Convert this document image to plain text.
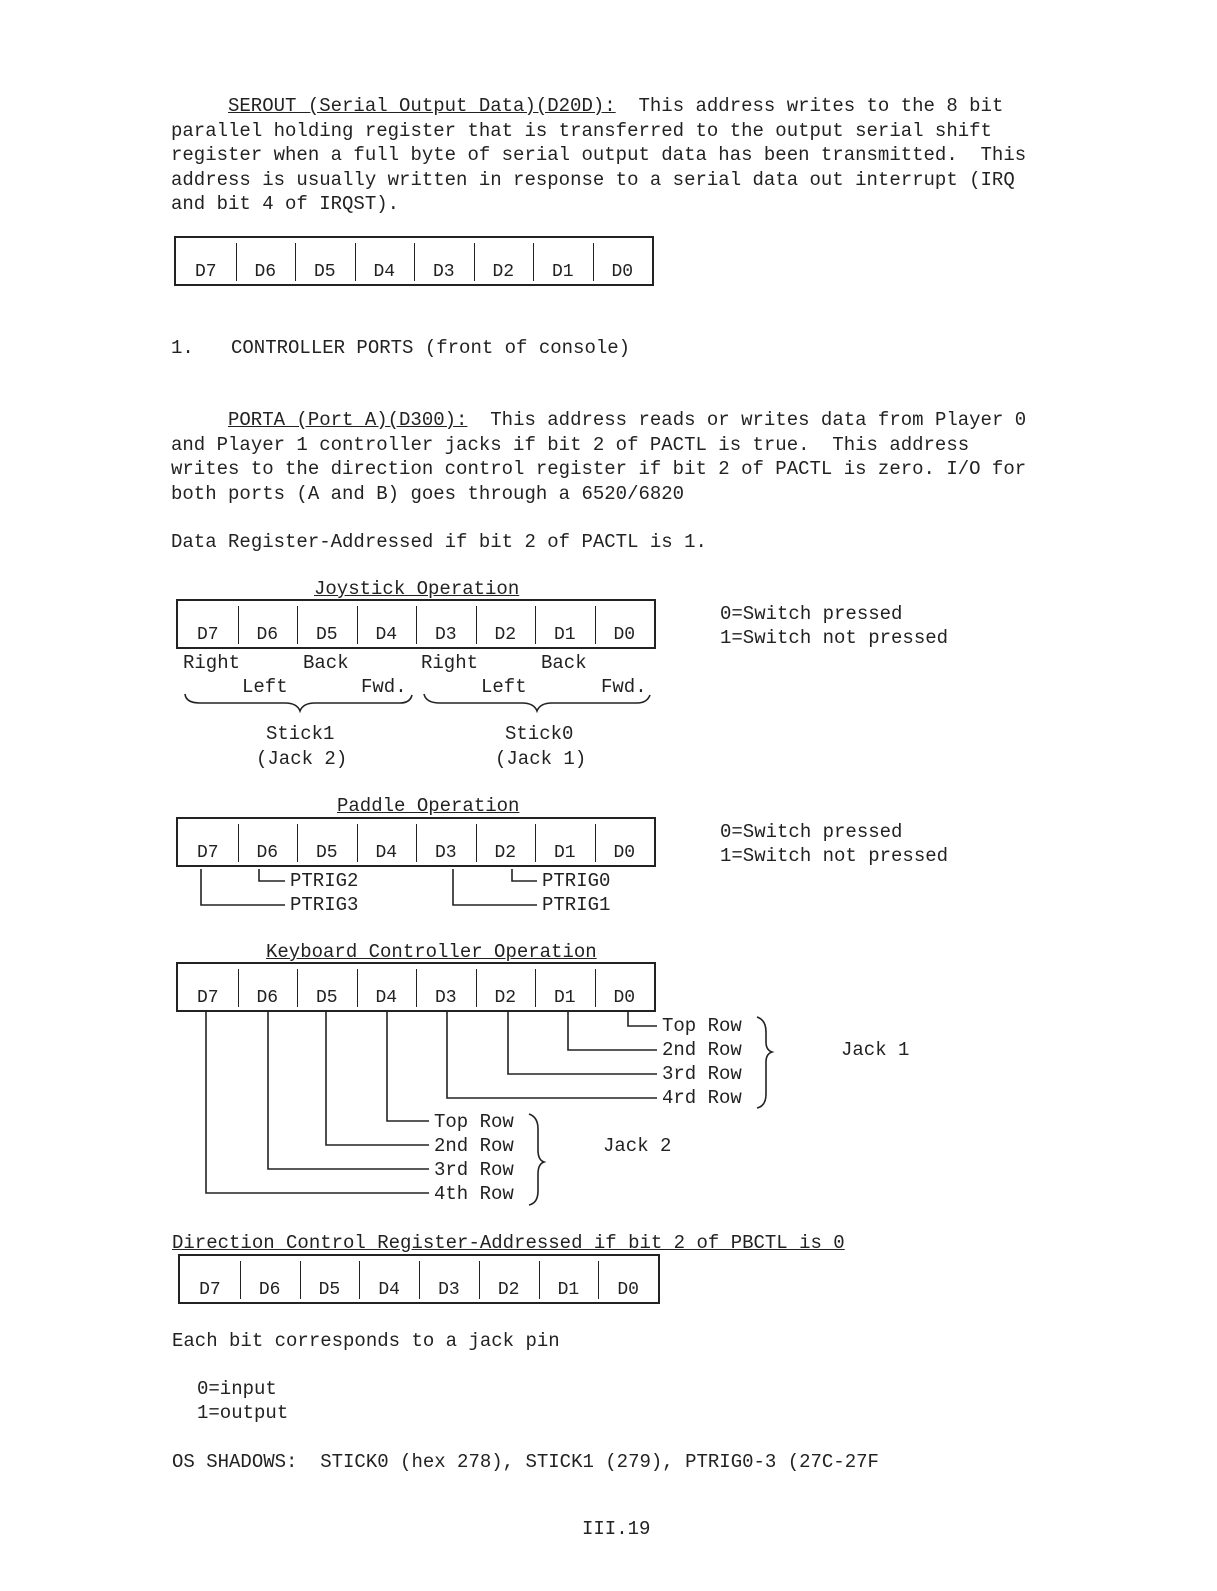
SEROUT (Serial Output Data)(D20D): This address writes to the 8 bit

parallel holding register that is transferred to the output serial shift

register when a full byte of serial output data has been transmitted.  This

address is usually written in response to a serial data out interrupt (IRQ

and bit 4 of IRQST).

D7	D6	D5	D4	D3	D2	D1	D0
1. CONTROLLER PORTS (front of console)

PORTA (Port A)(D300): This address reads or writes data from Player 0

and Player 1 controller jacks if bit 2 of PACTL is true.  This address

writes to the direction control register if bit 2 of PACTL is zero. I/O for

both ports (A and B) goes through a 6520/6820

Data Register-Addressed if bit 2 of PACTL is 1.
Joystick Operation
D7	D6	D5	D4	D3	D2	D1	D0
Right	Back	Right	Back
Left	Fwd.	Left	Fwd.
Stick1
(Jack 2)
Stick0
(Jack 1)
0=Switch pressed
1=Switch not pressed
Paddle Operation
D7	D6	D5	D4	D3	D2	D1	D0
PTRIG2
PTRIG3
PTRIG0
PTRIG1
0=Switch pressed
1=Switch not pressed
Keyboard Controller Operation
D7	D6	D5	D4	D3	D2	D1	D0
Top Row
2nd Row
3rd Row
4rd Row
Jack 1
Top Row
2nd Row
3rd Row
4th Row
Jack 2
Direction Control Register-Addressed if bit 2 of PBCTL is 0
D7	D6	D5	D4	D3	D2	D1	D0
Each bit corresponds to a jack pin
0=input
1=output
OS SHADOWS:  STICK0 (hex 278), STICK1 (279), PTRIG0-3 (27C-27F
III.19
